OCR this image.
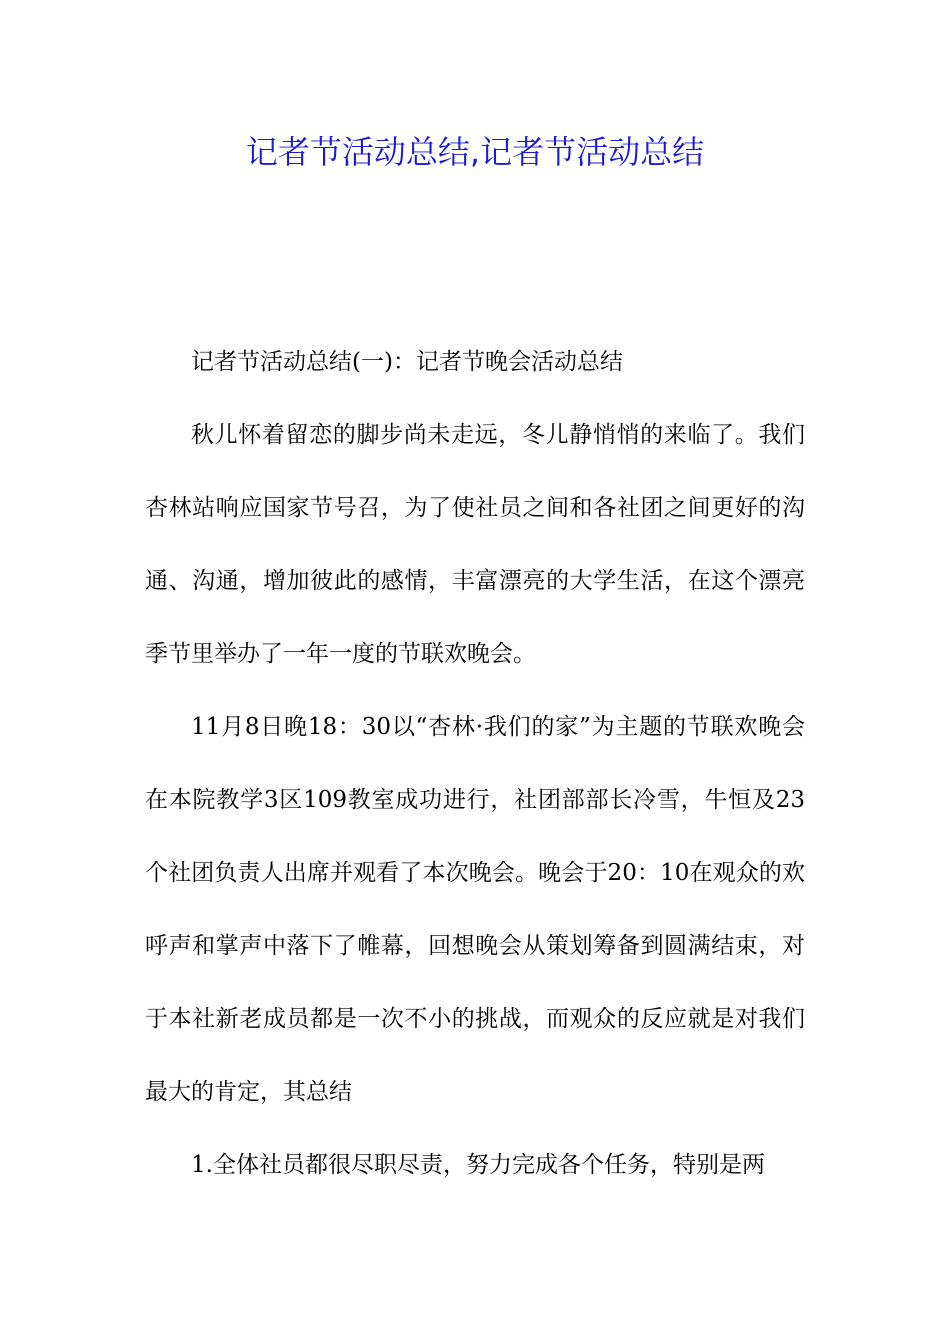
记者节活动总结,记者节活动总结

记者节活动总结(一)：记者节晚会活动总结

秋儿怀着留恋的脚步尚未走远，冬儿静悄悄的来临了。我们杏林站响应国家节号召，为了使社员之间和各社团之间更好的沟通、沟通，增加彼此的感情，丰富漂亮的大学生活，在这个漂亮季节里举办了一年一度的节联欢晚会。

11月8日晚18：30以“杏林·我们的家”为主题的节联欢晚会在本院教学3区109教室成功进行，社团部部长冷雪，牛恒及23个社团负责人出席并观看了本次晚会。晚会于20：10在观众的欢呼声和掌声中落下了帷幕，回想晚会从策划筹备到圆满结束，对于本社新老成员都是一次不小的挑战，而观众的反应就是对我们最大的肯定，其总结

1.全体社员都很尽职尽责，努力完成各个任务，特别是两
